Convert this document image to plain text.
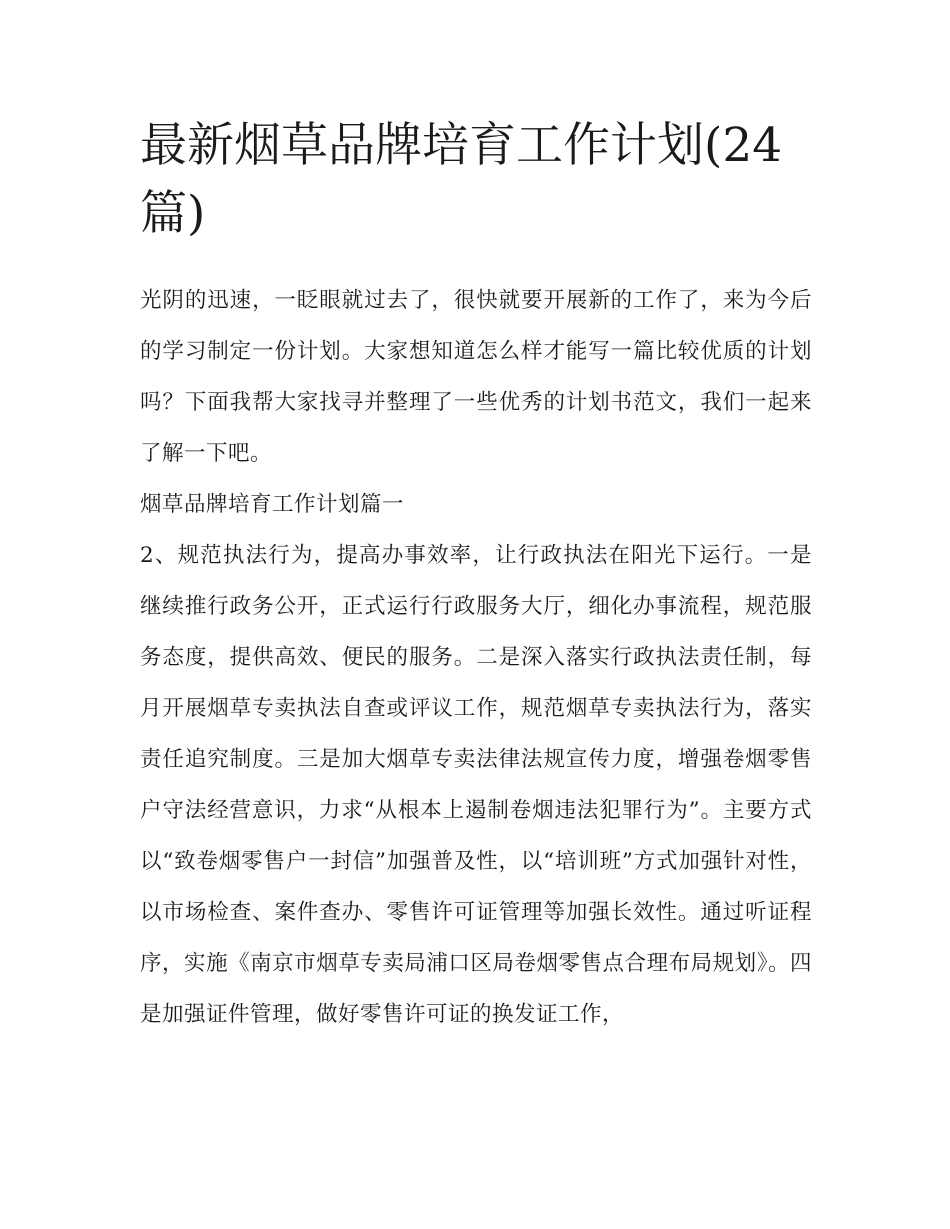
最新烟草品牌培育工作计划(24篇)

光阴的迅速，一眨眼就过去了，很快就要开展新的工作了，来为今后的学习制定一份计划。大家想知道怎么样才能写一篇比较优质的计划吗？下面我帮大家找寻并整理了一些优秀的计划书范文，我们一起来了解一下吧。

烟草品牌培育工作计划篇一

2、规范执法行为，提高办事效率，让行政执法在阳光下运行。一是继续推行政务公开，正式运行行政服务大厅，细化办事流程，规范服务态度，提供高效、便民的服务。二是深入落实行政执法责任制，每月开展烟草专卖执法自查或评议工作，规范烟草专卖执法行为，落实责任追究制度。三是加大烟草专卖法律法规宣传力度，增强卷烟零售户守法经营意识，力求“从根本上遏制卷烟违法犯罪行为”。主要方式以“致卷烟零售户一封信”加强普及性，以“培训班”方式加强针对性，以市场检查、案件查办、零售许可证管理等加强长效性。通过听证程序，实施《南京市烟草专卖局浦口区局卷烟零售点合理布局规划》。四是加强证件管理，做好零售许可证的换发证工作，
